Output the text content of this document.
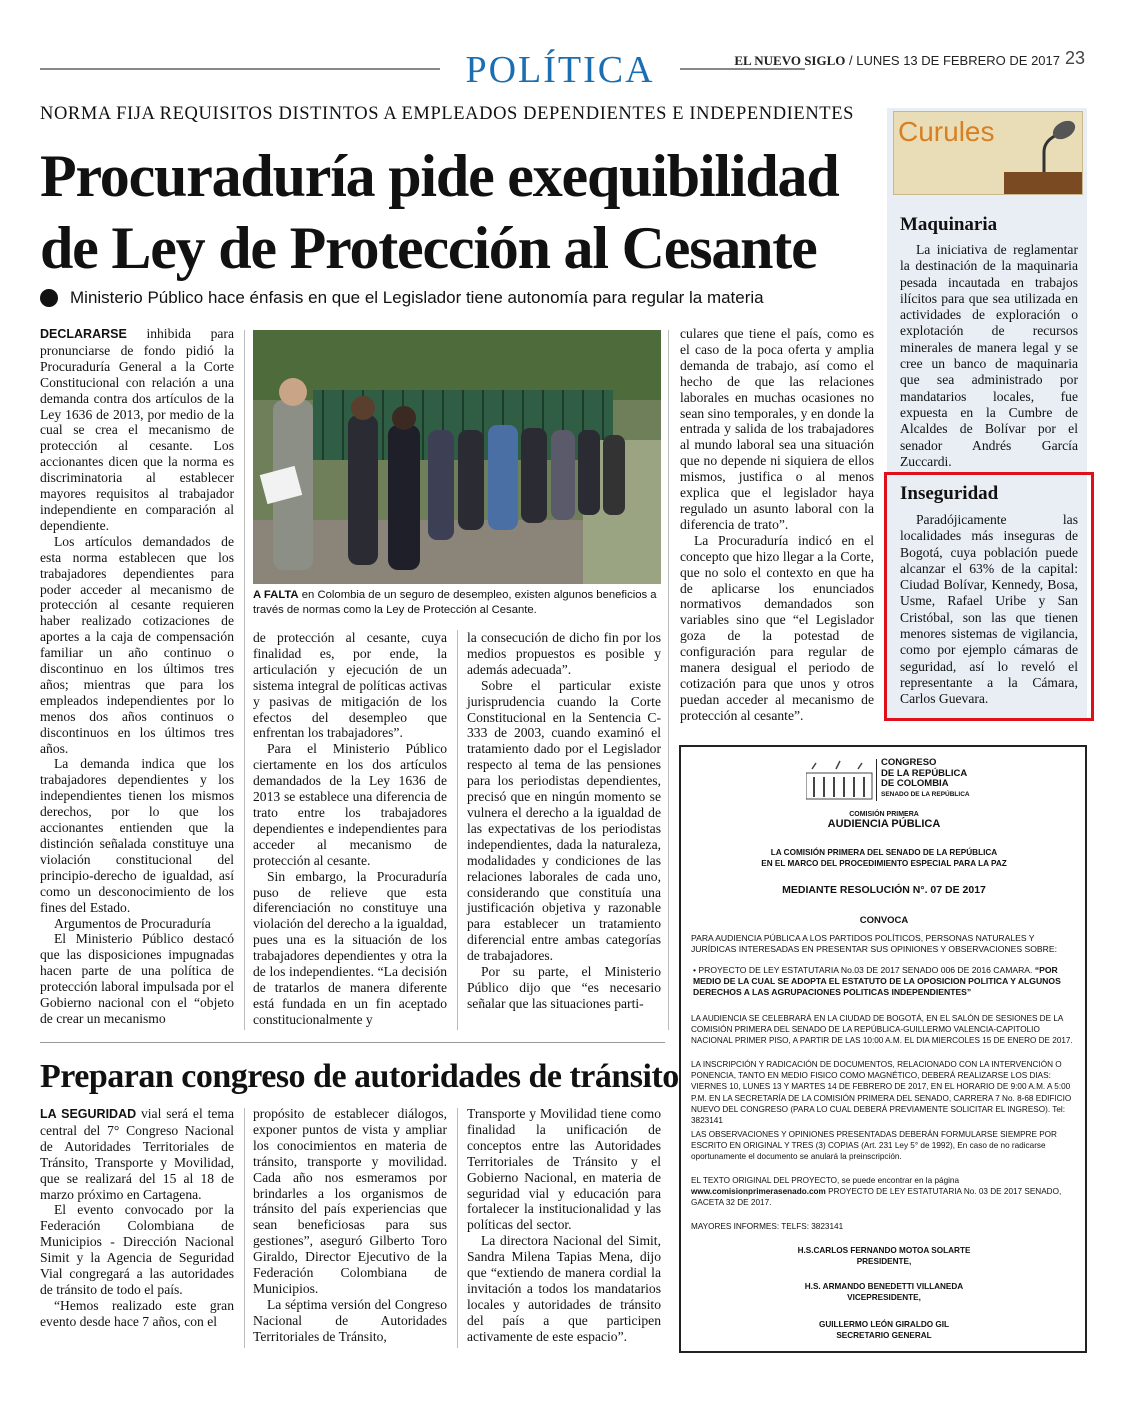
POLÍTICA	EL NUEVO SIGLO / LUNES 13 DE FEBRERO DE 2017 23
NORMA FIJA REQUISITOS DISTINTOS A EMPLEADOS DEPENDIENTES E INDEPENDIENTES
Procuraduría pide exequibilidad
de Ley de Protección al Cesante
Ministerio Público hace énfasis en que el Legislador tiene autonomía para regular la materia

DECLARARSE inhibida para pronunciarse de fondo pidió la Procuraduría General a la Corte Constitucional con relación a una demanda contra dos artículos de la Ley 1636 de 2013, por medio de la cual se crea el mecanismo de protección al cesante. Los accionantes dicen que la norma es discriminatoria al establecer mayores requisitos al trabajador independiente en comparación al dependiente.

Los artículos demandados de esta norma establecen que los trabajadores dependientes para poder acceder al mecanismo de protección al cesante requieren haber realizado cotizaciones de aportes a la caja de compensación familiar un año continuo o discontinuo en los últimos tres años; mientras que para los empleados independientes por lo menos dos años continuos o discontinuos en los últimos tres años.

La demanda indica que los trabajadores dependientes y los independientes tienen los mismos derechos, por lo que los accionantes entienden que la distinción señalada constituye una violación constitucional del principio-derecho de igualdad, así como un desconocimiento de los fines del Estado.

Argumentos de Procuraduría

El Ministerio Público destacó que las disposiciones impugnadas hacen parte de una política de protección laboral impulsada por el Gobierno nacional con el “objeto de crear un mecanismo

A FALTA en Colombia de un seguro de desempleo, existen algunos beneficios a través de normas como la Ley de Protección al Cesante.

de protección al cesante, cuya finalidad es, por ende, la articulación y ejecución de un sistema integral de políticas activas y pasivas de mitigación de los efectos del desempleo que enfrentan los trabajadores”.

Para el Ministerio Público ciertamente en los dos artículos demandados de la Ley 1636 de 2013 se establece una diferencia de trato entre los trabajadores dependientes e independientes para acceder al mecanismo de protección al cesante.

Sin embargo, la Procuraduría puso de relieve que esta diferenciación no constituye una violación del derecho a la igualdad, pues una es la situación de los trabajadores dependientes y otra la de los independientes. “La decisión de tratarlos de manera diferente está fundada en un fin aceptado constitucionalmente y

la consecución de dicho fin por los medios propuestos es posible y además adecuada”.

Sobre el particular existe jurisprudencia cuando la Corte Constitucional en la Sentencia C-333 de 2003, cuando examinó el tratamiento dado por el Legislador respecto al tema de las pensiones para los periodistas dependientes, precisó que en ningún momento se vulnera el derecho a la igualdad de las expectativas de los periodistas independientes, dada la naturaleza, modalidades y condiciones de las relaciones laborales de cada uno, considerando que constituía una justificación objetiva y razonable para establecer un tratamiento diferencial entre ambas categorías de trabajadores.

Por su parte, el Ministerio Público dijo que “es necesario señalar que las situaciones parti-

culares que tiene el país, como es el caso de la poca oferta y amplia demanda de trabajo, así como el hecho de que las relaciones laborales en muchas ocasiones no sean sino temporales, y en donde la entrada y salida de los trabajadores al mundo laboral sea una situación que no depende ni siquiera de ellos mismos, justifica o al menos explica que el legislador haya regulado un asunto laboral con la diferencia de trato”.

La Procuraduría indicó en el concepto que hizo llegar a la Corte, que no solo el contexto en que ha de aplicarse los enunciados normativos demandados son variables sino que “el Legislador goza de la potestad de configuración para regular de manera desigual el periodo de cotización para que unos y otros puedan acceder al mecanismo de protección al cesante”.

Preparan congreso de autoridades de tránsito

LA SEGURIDAD vial será el tema central del 7° Congreso Nacional de Autoridades Territoriales de Tránsito, Transporte y Movilidad, que se realizará del 15 al 18 de marzo próximo en Cartagena.

El evento convocado por la Federación Colombiana de Municipios - Dirección Nacional Simit y la Agencia de Seguridad Vial congregará a las autoridades de tránsito de todo el país.

“Hemos realizado este gran evento desde hace 7 años, con el

propósito de establecer diálogos, exponer puntos de vista y ampliar los conocimientos en materia de tránsito, transporte y movilidad. Cada año nos esmeramos por brindarles a los organismos de tránsito del país experiencias que sean beneficiosas para sus gestiones”, aseguró Gilberto Toro Giraldo, Director Ejecutivo de la Federación Colombiana de Municipios.

La séptima versión del Congreso Nacional de Autoridades Territoriales de Tránsito,

Transporte y Movilidad tiene como finalidad la unificación de conceptos entre las Autoridades Territoriales de Tránsito y el Gobierno Nacional, en materia de seguridad vial y educación para fortalecer la institucionalidad y las políticas del sector.

La directora Nacional del Simit, Sandra Milena Tapias Mena, dijo que “extiendo de manera cordial la invitación a todos los mandatarios locales y autoridades de tránsito del país a que participen activamente de este espacio”.

Curules
Maquinaria

La iniciativa de reglamentar la destinación de la maquinaria pesada incautada en trabajos ilícitos para que sea utilizada en actividades de exploración o explotación de recursos minerales de manera legal y se cree un banco de maquinaria que sea administrado por mandatarios locales, fue expuesta en la Cumbre de Alcaldes de Bolívar por el senador Andrés García Zuccardi.

Inseguridad

Paradójicamente las localidades más inseguras de Bogotá, cuya población puede alcanzar el 63% de la capital: Ciudad Bolívar, Kennedy, Bosa, Usme, Rafael Uribe y San Cristóbal, son las que tienen menores sistemas de vigilancia, como por ejemplo cámaras de seguridad, así lo reveló el representante a la Cámara, Carlos Guevara.

CONGRESO
DE LA REPÚBLICA
DE COLOMBIA
SENADO DE LA REPÚBLICA
COMISIÓN PRIMERA
AUDIENCIA PÚBLICA
LA COMISIÓN PRIMERA DEL SENADO DE LA REPÚBLICA
EN EL MARCO DEL PROCEDIMIENTO ESPECIAL PARA LA PAZ
MEDIANTE RESOLUCIÓN N°. 07 DE 2017
CONVOCA
PARA AUDIENCIA PÚBLICA A LOS PARTIDOS POLÍTICOS, PERSONAS NATURALES Y JURÍDICAS INTERESADAS EN PRESENTAR SUS OPINIONES Y OBSERVACIONES SOBRE:
• PROYECTO DE LEY ESTATUTARIA No.03 DE 2017 SENADO 006 DE 2016 CAMARA. “POR MEDIO DE LA CUAL SE ADOPTA EL ESTATUTO DE LA OPOSICION POLITICA Y ALGUNOS DERECHOS A LAS AGRUPACIONES POLITICAS INDEPENDIENTES”
LA AUDIENCIA SE CELEBRARÁ EN LA CIUDAD DE BOGOTÁ, EN EL SALÓN DE SESIONES DE LA COMISIÓN PRIMERA DEL SENADO DE LA REPÚBLICA-GUILLERMO VALENCIA-CAPITOLIO NACIONAL PRIMER PISO, A PARTIR DE LAS 10:00 A.M. EL DIA MIERCOLES 15 DE ENERO DE 2017.
LA INSCRIPCIÓN Y RADICACIÓN DE DOCUMENTOS, RELACIONADO CON LA INTERVENCIÓN O PONENCIA, TANTO EN MEDIO FISICO COMO MAGNÉTICO, DEBERÁ REALIZARSE LOS DIAS: VIERNES 10, LUNES 13 Y MARTES 14 DE FEBRERO DE 2017, EN EL HORARIO DE 9:00 A.M. A 5:00 P.M. EN LA SECRETARÍA DE LA COMISIÓN PRIMERA DEL SENADO, CARRERA 7 No. 8-68 EDIFICIO NUEVO DEL CONGRESO (PARA LO CUAL DEBERÁ PREVIAMENTE SOLICITAR EL INGRESO). Tel: 3823141
LAS OBSERVACIONES Y OPINIONES PRESENTADAS DEBERÁN FORMULARSE SIEMPRE POR ESCRITO EN ORIGINAL Y TRES (3) COPIAS (Art. 231 Ley 5° de 1992), En caso de no radicarse oportunamente el documento se anulará la preinscripción.
EL TEXTO ORIGINAL DEL PROYECTO, se puede encontrar en la página
www.comisionprimerasenado.com PROYECTO DE LEY ESTATUTARIA No. 03 DE 2017 SENADO, GACETA 32 DE 2017.
MAYORES INFORMES: TELFS: 3823141
H.S.CARLOS FERNANDO MOTOA SOLARTE
PRESIDENTE,
H.S. ARMANDO BENEDETTI VILLANEDA
VICEPRESIDENTE,
GUILLERMO LEÓN GIRALDO GIL
SECRETARIO GENERAL
